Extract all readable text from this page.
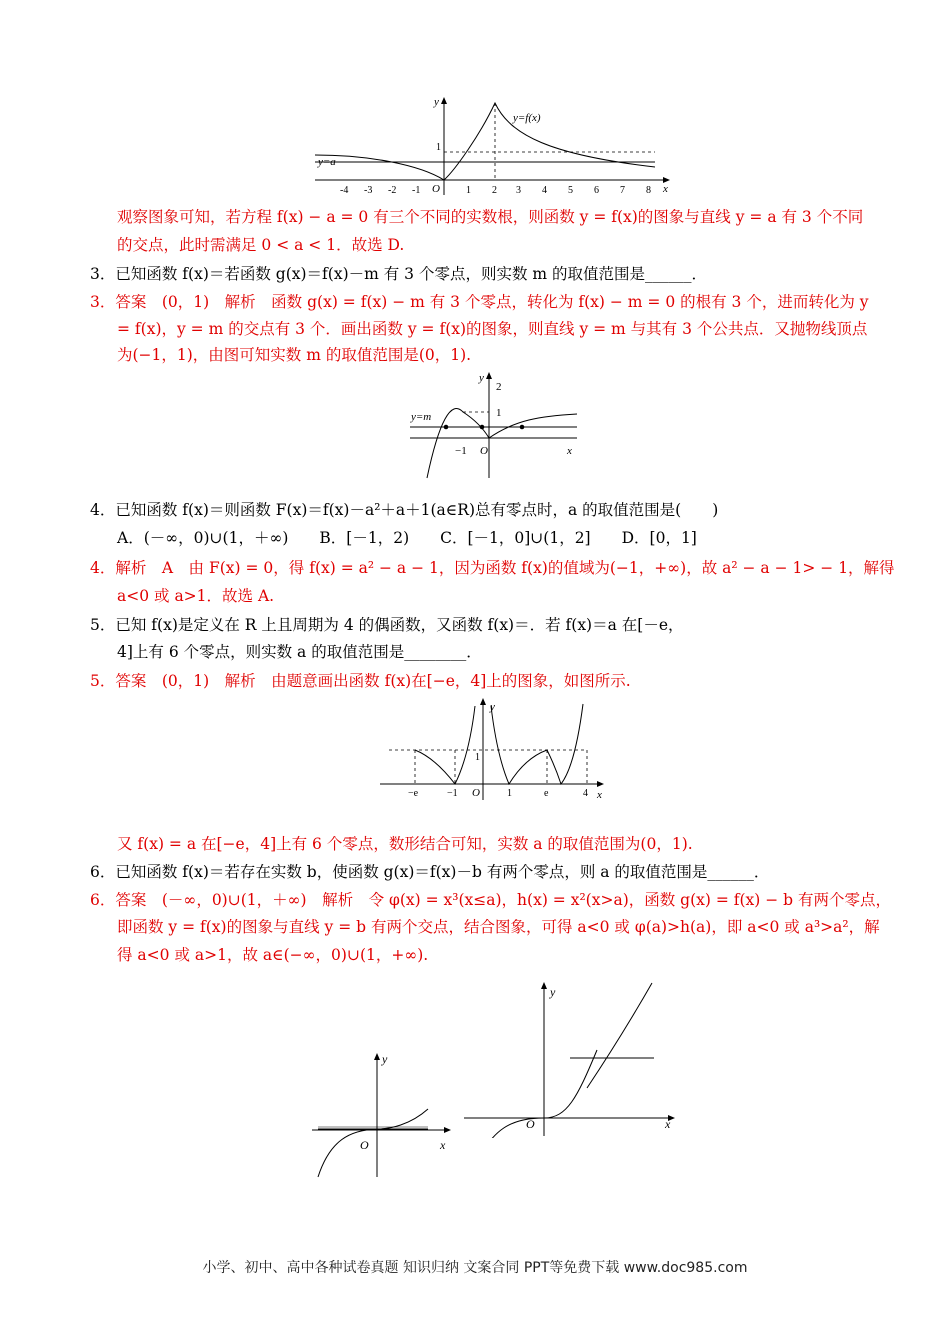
y
x
O
1
y=a
y=f(x)
-4 -3 -2 -1	1 2 3 4 5 6 7 8
观察图象可知，若方程 f(x) − a = 0 有三个不同的实数根，则函数 y = f(x)的图象与直线 y = a 有 3 个不同
的交点，此时需满足 0 < a < 1．故选 D.
3．已知函数 f(x)＝若函数 g(x)＝f(x)－m 有 3 个零点，则实数 m 的取值范围是______．
3．答案　(0，1)　解析　函数 g(x) = f(x) − m 有 3 个零点，转化为 f(x) − m = 0 的根有 3 个，进而转化为 y
= f(x)，y = m 的交点有 3 个．画出函数 y = f(x)的图象，则直线 y = m 与其有 3 个公共点．又抛物线顶点
为(−1，1)，由图可知实数 m 的取值范围是(0，1).
y
x
O
2
1
−1
y=m
4．已知函数 f(x)＝则函数 F(x)＝f(x)－a²＋a＋1(a∈R)总有零点时，a 的取值范围是(　　)
A．(－∞，0)∪(1，＋∞)　　B．[－1，2)　　C．[－1，0]∪(1，2]　　D．[0，1]
4．解析　A　由 F(x) = 0，得 f(x) = a² − a − 1，因为函数 f(x)的值域为(−1，+∞)，故 a² − a − 1> − 1，解得
a<0 或 a>1．故选 A.
5．已知 f(x)是定义在 R 上且周期为 4 的偶函数，又函数 f(x)＝．若 f(x)＝a 在[－e，
4]上有 6 个零点，则实数 a 的取值范围是________．
5．答案　(0，1)　解析　由题意画出函数 f(x)在[−e，4]上的图象，如图所示.
y
x
O
1
−e	−1	1	e	4
又 f(x) = a 在[−e，4]上有 6 个零点，数形结合可知，实数 a 的取值范围为(0，1).
6．已知函数 f(x)＝若存在实数 b，使函数 g(x)＝f(x)－b 有两个零点，则 a 的取值范围是______．
6．答案　(－∞，0)∪(1，＋∞)　解析　令 φ(x) = x³(x≤a)，h(x) = x²(x>a)，函数 g(x) = f(x) − b 有两个零点，
即函数 y = f(x)的图象与直线 y = b 有两个交点，结合图象，可得 a<0 或 φ(a)>h(a)，即 a<0 或 a³>a²，解
得 a<0 或 a>1，故 a∈(−∞，0)∪(1，+∞).
y
x
O
y
x
O
小学、初中、高中各种试卷真题 知识归纳 文案合同 PPT等免费下载 www.doc985.com
